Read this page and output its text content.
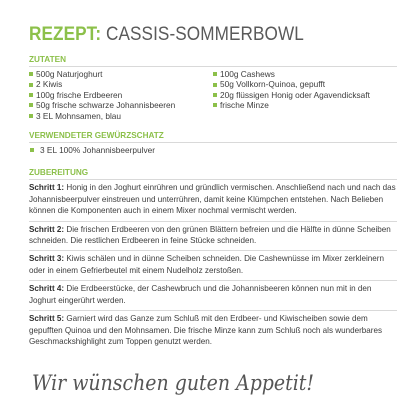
REZEPT: CASSIS-SOMMERBOWL
ZUTATEN
500g Naturjoghurt
2 Kiwis
100g frische Erdbeeren
50g frische schwarze Johannisbeeren
3 EL Mohnsamen, blau
100g Cashews
50g Vollkorn-Quinoa, gepufft
20g flüssigen Honig oder Agavendicksaft
frische Minze
VERWENDETER GEWÜRZSCHATZ
3 EL 100% Johannisbeerpulver
ZUBEREITUNG
Schritt 1: Honig in den Joghurt einrühren und gründlich vermischen. Anschließend nach und nach das Johannisbeerpulver einstreuen und unterrühren, damit keine Klümpchen entstehen. Nach Belieben können die Komponenten auch in einem Mixer nochmal vermischt werden.
Schritt 2: Die frischen Erdbeeren von den grünen Blättern befreien und die Hälfte in dünne Scheiben schneiden. Die restlichen Erdbeeren in feine Stücke schneiden.
Schritt 3: Kiwis schälen und in dünne Scheiben schneiden. Die Cashewnüsse im Mixer zerkleinern oder in einem Gefrierbeutel mit einem Nudelholz zerstoßen.
Schritt 4: Die Erdbeerstücke, der Cashewbruch und die Johannisbeeren können nun mit in den Joghurt eingerührt werden.
Schritt 5: Garniert wird das Ganze zum Schluß mit den Erdbeer- und Kiwischeiben sowie dem gepufften Quinoa und den Mohnsamen. Die frische Minze kann zum Schluß noch als wunderbares Geschmackshighlight zum Toppen genutzt werden.
Wir wünschen guten Appetit!
